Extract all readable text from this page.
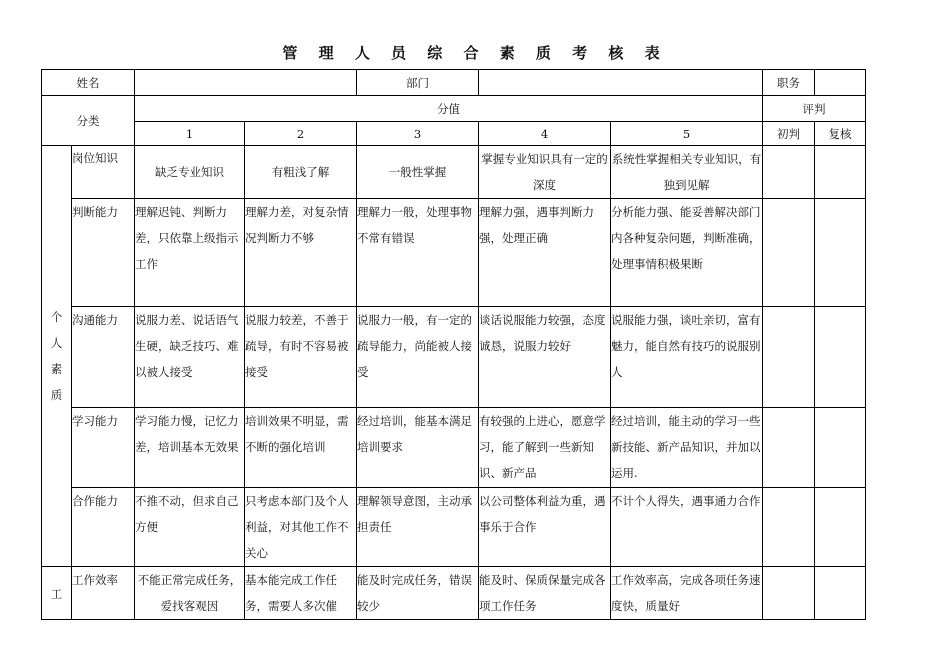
管 理 人 员 综 合 素 质 考 核 表
姓名				部门			职务	
分类		分值					评判	
		1	2	3	4	5	初判	复核

个
人
素
质	岗位知识	缺乏专业知识	有粗浅了解	一般性掌握	掌握专业知识具有一定的深度	系统性掌握相关专业知识，有独到见解		
	判断能力	理解迟钝、判断力差，只依靠上级指示工作	理解力差，对复杂情况判断力不够	理解力一般，处理事物不常有错误	理解力强，遇事判断力强，处理正确	分析能力强、能妥善解决部门内各种复杂问题，判断准确，处理事情积极果断		
	沟通能力	说服力差、说话语气生硬，缺乏技巧、难以被人接受	说服力较差，不善于疏导，有时不容易被接受	说服力一般，有一定的疏导能力，尚能被人接受	谈话说服能力较强，态度诚恳，说服力较好	说服能力强，谈吐亲切，富有魅力，能自然有技巧的说服别人		
	学习能力	学习能力慢，记忆力差，培训基本无效果	培训效果不明显，需不断的强化培训	经过培训，能基本满足培训要求	有较强的上进心，愿意学习，能了解到一些新知识、新产品	经过培训，能主动的学习一些新技能、新产品知识，并加以运用.		
	合作能力	不推不动，但求自己方便	只考虑本部门及个人利益，对其他工作不关心	理解领导意图，主动承担责任	以公司整体利益为重，遇事乐于合作	不计个人得失，遇事通力合作		

工	工作效率	不能正常完成任务，爱找客观因	基本能完成工作任务，需要人多次催	能及时完成任务，错误较少	能及时、保质保量完成各项工作任务	工作效率高，完成各项任务速度快，质量好		
